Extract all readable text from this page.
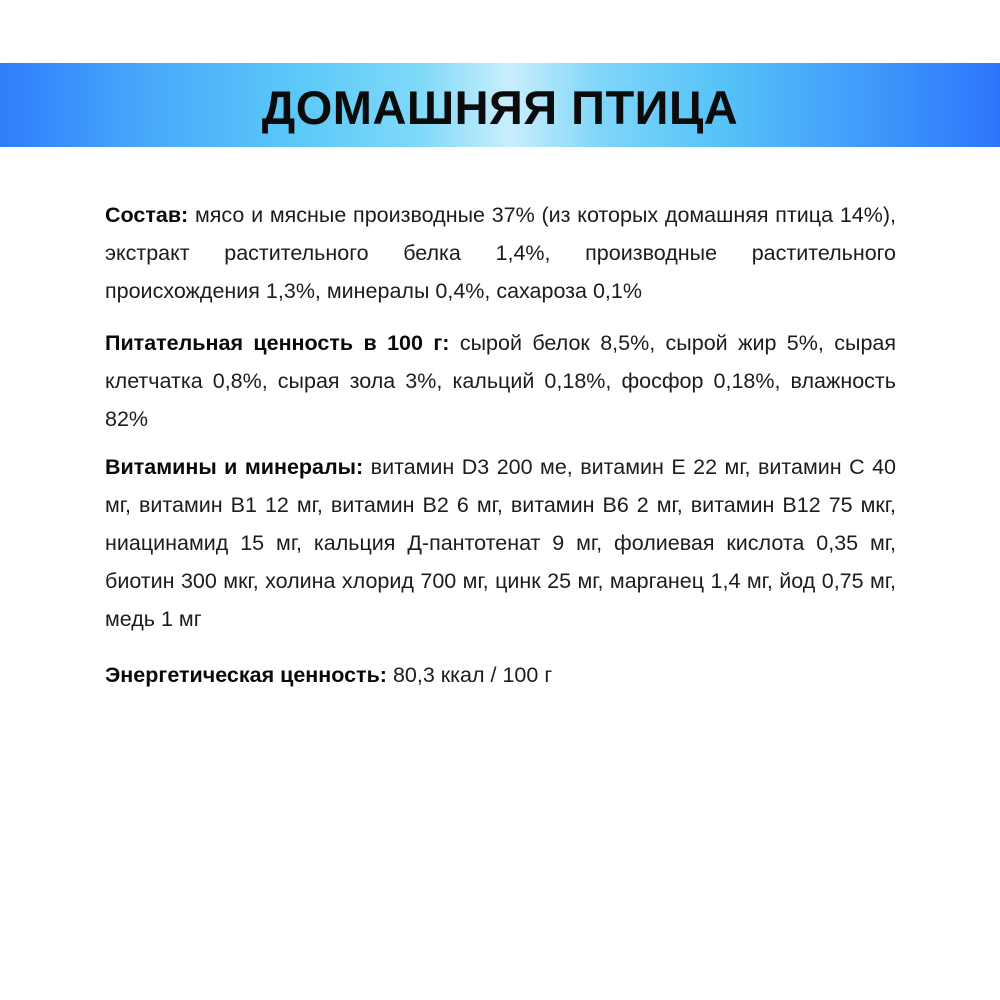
ДОМАШНЯЯ ПТИЦА

Состав: мясо и мясные производные 37% (из которых домашняя птица 14%), экстракт растительного белка 1,4%, производные растительного происхождения 1,3%, минералы 0,4%, сахароза 0,1%

Питательная ценность в 100 г: сырой белок 8,5%, сырой жир 5%, сырая клетчатка 0,8%, сырая зола 3%, кальций 0,18%, фосфор 0,18%, влажность 82%

Витамины и минералы: витамин D3 200 ме, витамин E 22 мг, витамин C 40 мг, витамин B1 12 мг, витамин B2 6 мг, витамин B6 2 мг, витамин B12 75 мкг, ниацинамид 15 мг, кальция Д-пантотенат 9 мг, фолиевая кислота 0,35 мг, биотин 300 мкг, холина хлорид 700 мг, цинк 25 мг, марганец 1,4 мг, йод 0,75 мг, медь 1 мг

Энергетическая ценность: 80,3 ккал / 100 г
